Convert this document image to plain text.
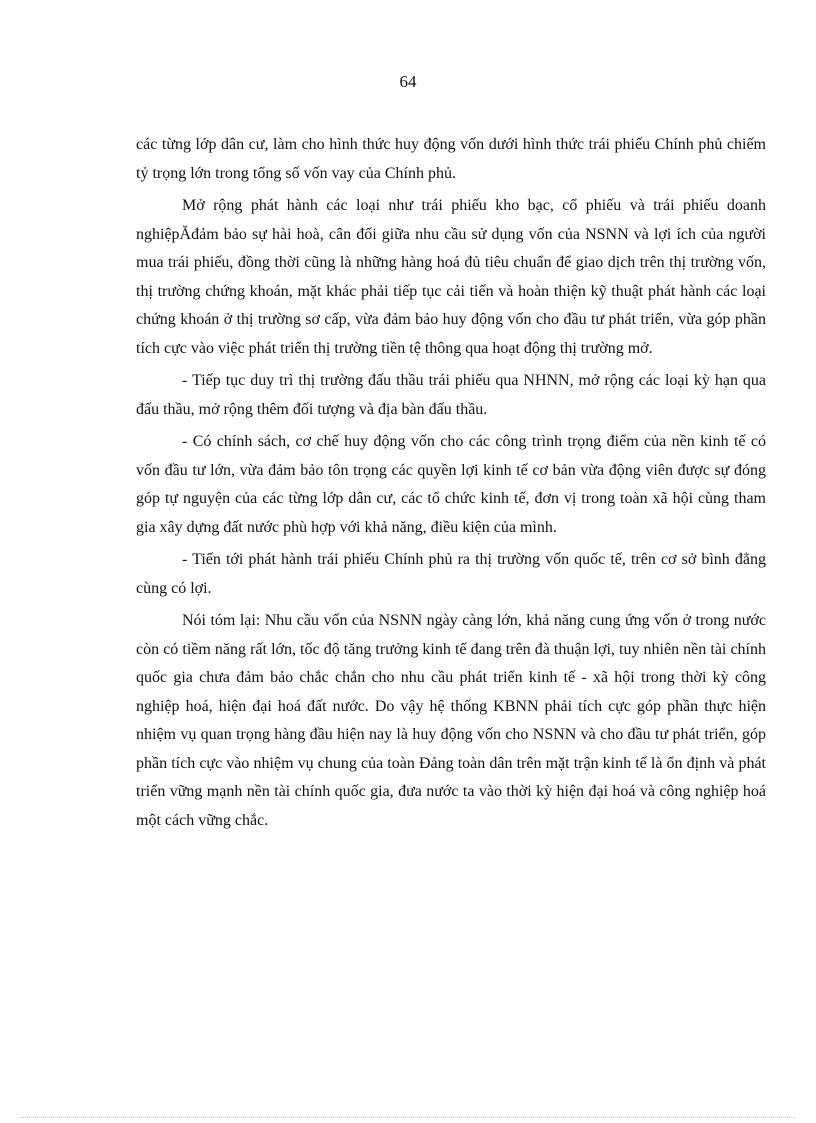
64

các từng lớp dân cư, làm cho hình thức huy động vốn dưới hình thức trái phiếu Chính phủ chiếm tỷ trọng lớn trong tổng số vốn vay của Chính phủ.

Mở rộng phát hành các loại như trái phiếu kho bạc, cổ phiếu và trái phiếu doanh nghiệpĂđảm bảo sự hài hoà, cân đối giữa nhu cầu sử dụng vốn của NSNN và lợi ích của người mua trái phiếu, đồng thời cũng là những hàng hoá đủ tiêu chuẩn để giao dịch trên thị trường vốn, thị trường chứng khoán, mặt khác phải tiếp tục cải tiến và hoàn thiện kỹ thuật phát hành các loại chứng khoán ở thị trường sơ cấp, vừa đảm bảo huy động vốn cho đầu tư phát triển, vừa góp phần tích cực vào việc phát triển thị trường tiền tệ thông qua hoạt động thị trường mở.

- Tiếp tục duy trì thị trường đấu thầu trái phiếu qua NHNN, mở rộng các loại kỳ hạn qua đấu thầu, mở rộng thêm đối tượng và địa bàn đấu thầu.

- Có chính sách, cơ chế huy động vốn cho các công trình trọng điểm của nền kinh tế có vốn đầu tư lớn, vừa đảm bảo tôn trọng các quyền lợi kinh tế cơ bản vừa động viên được sự đóng góp tự nguyện của các từng lớp dân cư, các tổ chức kinh tế, đơn vị trong toàn xã hội cùng tham gia xây dựng đất nước phù hợp với khả năng, điều kiện của mình.

- Tiến tới phát hành trái phiếu Chính phủ ra thị trường vốn quốc tế, trên cơ sở bình đẳng cùng có lợi.

Nói tóm lại: Nhu cầu vốn của NSNN ngày càng lớn, khả năng cung ứng vốn ở trong nước còn có tiềm năng rất lớn, tốc độ tăng trưởng kinh tế đang trên đà thuận lợi, tuy nhiên nền tài chính quốc gia chưa đảm bảo chắc chắn cho nhu cầu phát triển kinh tế - xã hội trong thời kỳ công nghiệp hoá, hiện đại hoá đất nước. Do vậy hệ thống KBNN phải tích cực góp phần thực hiện nhiệm vụ quan trọng hàng đầu hiện nay là huy động vốn cho NSNN và cho đầu tư phát triển, góp phần tích cực vào nhiệm vụ chung của toàn Đảng toàn dân trên mặt trận kinh tế là ổn định và phát triển vững mạnh nền tài chính quốc gia, đưa nước ta vào thời kỳ hiện đại hoá và công nghiệp hoá một cách vững chắc.
